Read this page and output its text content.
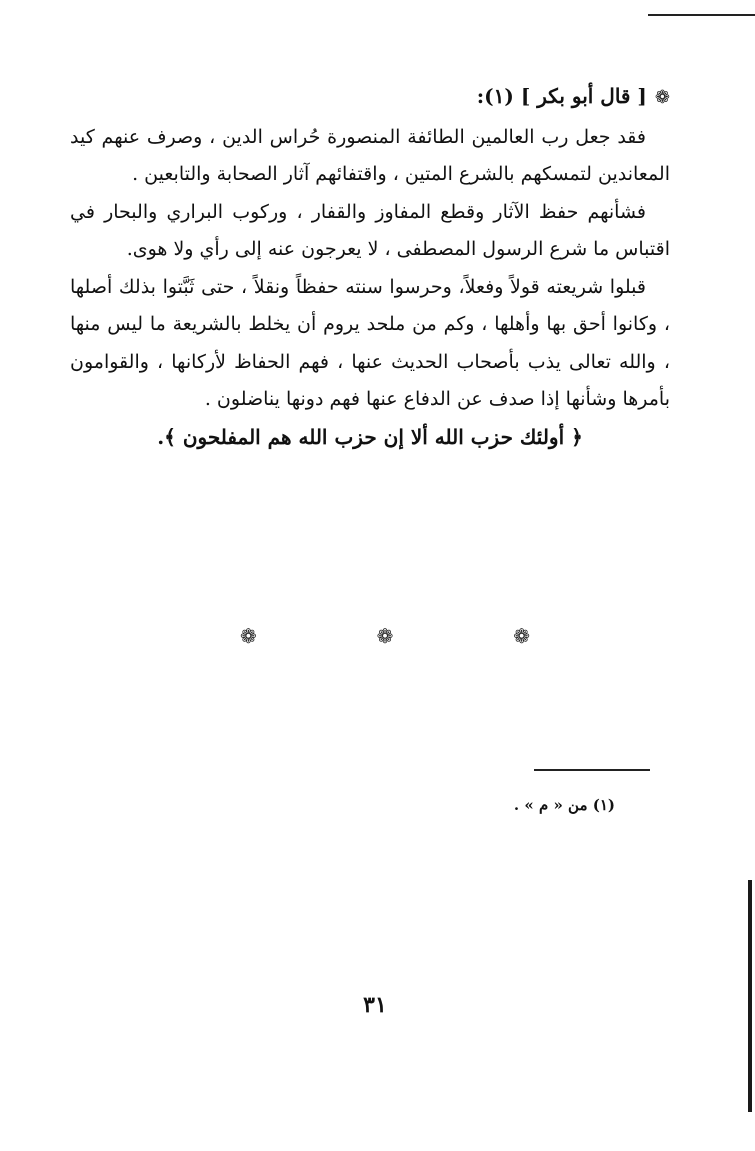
❁[ قال أبو بكر ] (١):
فقد جعل رب العالمين الطائفة المنصورة حُراس الدين ، وصرف عنهم كيد المعاندين لتمسكهم بالشرع المتين ، واقتفائهم آثار الصحابة والتابعين .
فشأنهم حفظ الآثار وقطع المفاوز والقفار ، وركوب البراري والبحار في اقتباس ما شرع الرسول المصطفى ، لا يعرجون عنه إلى رأي ولا هوى.
قبلوا شريعته قولاً وفعلاً، وحرسوا سنته حفظاً ونقلاً ، حتى ثَبَّتوا بذلك أصلها ، وكانوا أحق بها وأهلها ، وكم من ملحد يروم أن يخلط بالشريعة ما ليس منها ، والله تعالى يذب بأصحاب الحديث عنها ، فهم الحفاظ لأركانها ، والقوامون بأمرها وشأنها إذا صدف عن الدفاع عنها فهم دونها يناضلون .
﴿ أولئك حزب الله ألا إن حزب الله هم المفلحون ﴾.
❁	❁	❁
(١) من « م » .
٣١
